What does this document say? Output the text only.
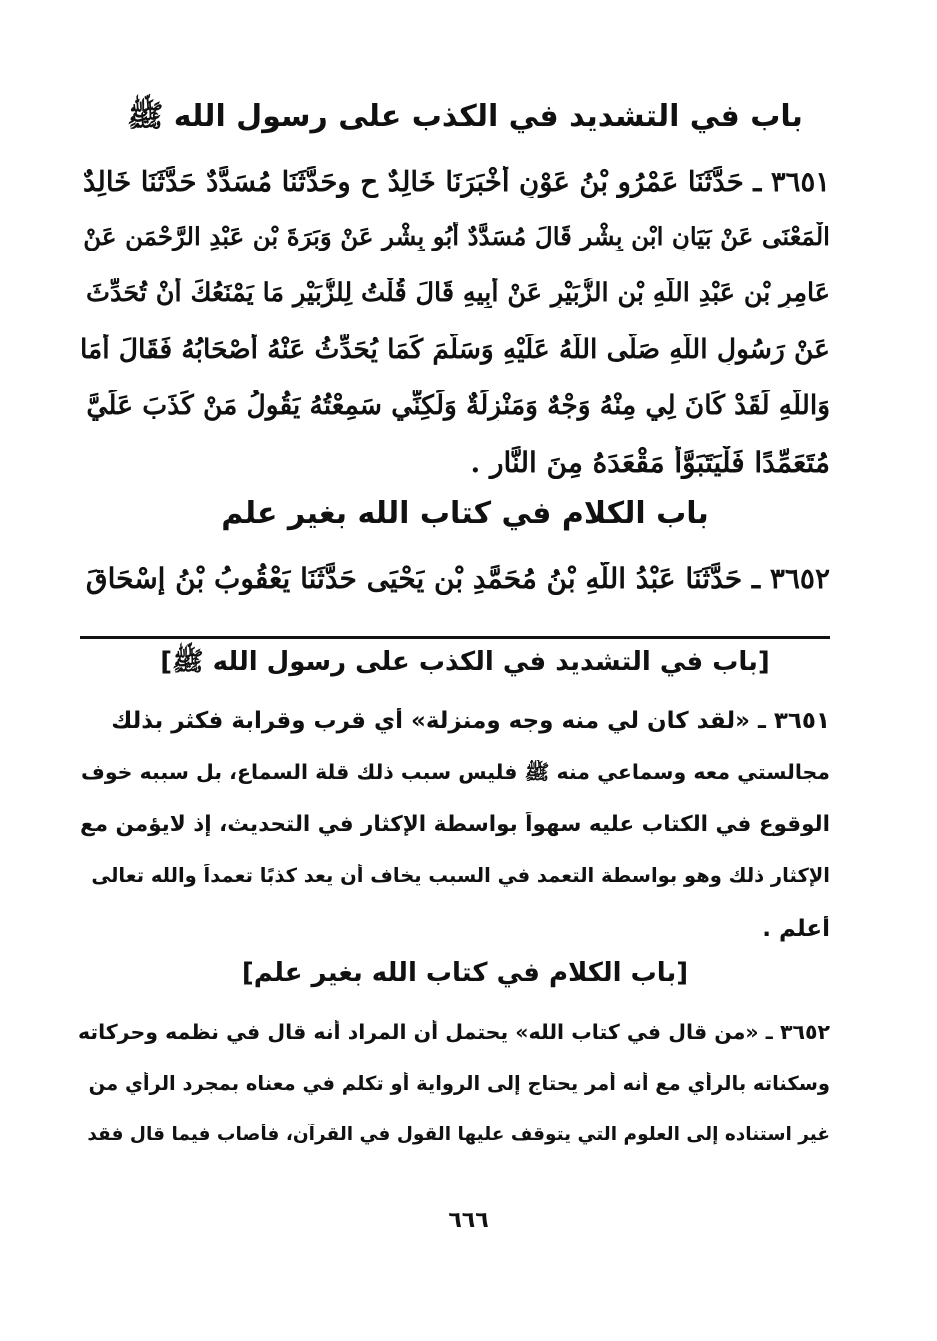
باب في التشديد في الكذب على رسول الله ﷺ
٣٦٥١ ـ حَدَّثَنَا عَمْرُو بْنُ عَوْنٍ أَخْبَرَنَا خَالِدٌ ح وحَدَّثَنَا مُسَدَّدٌ حَدَّثَنَا خَالِدٌ
الْمَعْنَى عَنْ بَيَانٍ ابْنِ بِشْرٍ قَالَ مُسَدَّدٌ أَبُو بِشْرٍ عَنْ وَبَرَةَ بْنِ عَبْدِ الرَّحْمَنِ عَنْ
عَامِرِ بْنِ عَبْدِ اللَّهِ بْنِ الزُّبَيْرِ عَنْ أَبِيهِ قَالَ قُلْتُ لِلزُّبَيْرِ مَا يَمْنَعُكَ أَنْ تُحَدِّثَ
عَنْ رَسُولِ اللَّهِ صَلَّى اللَّهُ عَلَيْهِ وَسَلَّمَ كَمَا يُحَدِّثُ عَنْهُ أَصْحَابُهُ فَقَالَ أَمَا
وَاللَّهِ لَقَدْ كَانَ لِي مِنْهُ وَجْهٌ وَمَنْزِلَةٌ وَلَكِنِّي سَمِعْتُهُ يَقُولُ مَنْ كَذَبَ عَلَيَّ
مُتَعَمِّدًا فَلْيَتَبَوَّأْ مَقْعَدَهُ مِنَ النَّارِ .
باب الكلام في كتاب الله بغير علم
٣٦٥٢ ـ حَدَّثَنَا عَبْدُ اللَّهِ بْنُ مُحَمَّدِ بْنِ يَحْيَى حَدَّثَنَا يَعْقُوبُ بْنُ إِسْحَاقَ
[باب في التشديد في الكذب على رسول الله ﷺ]
٣٦٥١ ـ «لقد كان لي منه وجه ومنزلة» أي قرب وقرابة فكثر بذلك
مجالستي معه وسماعي منه ﷺ فليس سبب ذلك قلة السماع، بل سببه خوف
الوقوع في الكتاب عليه سهواً بواسطة الإكثار في التحديث، إذ لايؤمن مع
الإكثار ذلك وهو بواسطة التعمد في السبب يخاف أن يعد كذبًا تعمداً والله تعالى
أعلم .
[باب الكلام في كتاب الله بغير علم]
٣٦٥٢ ـ «من قال في كتاب الله» يحتمل أن المراد أنه قال في نظمه وحركاته
وسكناته بالرأي مع أنه أمر يحتاج إلى الرواية أو تكلم في معناه بمجرد الرأي من
غير استناده إلى العلوم التي يتوقف عليها القول في القرآن، فأصاب فيما قال فقد
٦٦٦
